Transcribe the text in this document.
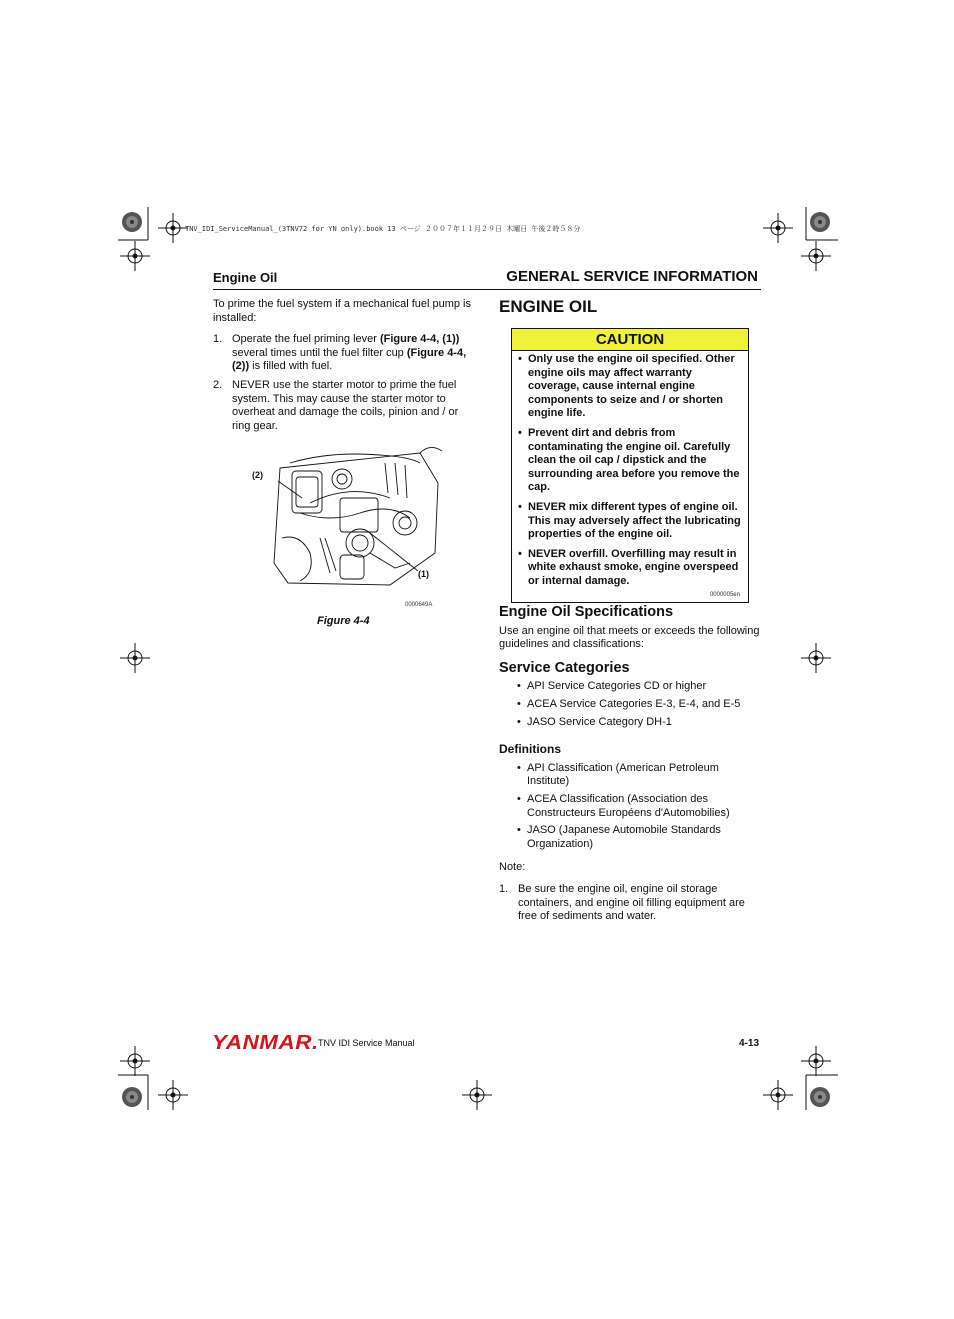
TNV_IDI_ServiceManual_(3TNV72 for YN only).book 13 ページ ２００７年１１月２９日 木曜日 午後２時５８分
Engine Oil	GENERAL SERVICE INFORMATION

To prime the fuel system if a mechanical fuel pump is installed:

1. Operate the fuel priming lever (Figure 4-4, (1)) several times until the fuel filter cup (Figure 4-4, (2)) is filled with fuel.
2. NEVER use the starter motor to prime the fuel system. This may cause the starter motor to overheat and damage the coils, pinion and / or ring gear.
(2)
(1)
0000649A
Figure 4-4
ENGINE OIL
CAUTION
• Only use the engine oil specified. Other engine oils may affect warranty coverage, cause internal engine components to seize and / or shorten engine life.
• Prevent dirt and debris from contaminating the engine oil. Carefully clean the oil cap / dipstick and the surrounding area before you remove the cap.
• NEVER mix different types of engine oil. This may adversely affect the lubricating properties of the engine oil.
• NEVER overfill. Overfilling may result in white exhaust smoke, engine overspeed or internal damage.
0000005en
Engine Oil Specifications

Use an engine oil that meets or exceeds the following guidelines and classifications:

Service Categories
• API Service Categories CD or higher
• ACEA Service Categories E-3, E-4, and E-5
• JASO Service Category DH-1
Definitions
• API Classification (American Petroleum Institute)
• ACEA Classification (Association des Constructeurs Européens d'Automobilies)
• JASO (Japanese Automobile Standards Organization)

Note:

1. Be sure the engine oil, engine oil storage containers, and engine oil filling equipment are free of sediments and water.
YANMAR. TNV IDI Service Manual	4-13
